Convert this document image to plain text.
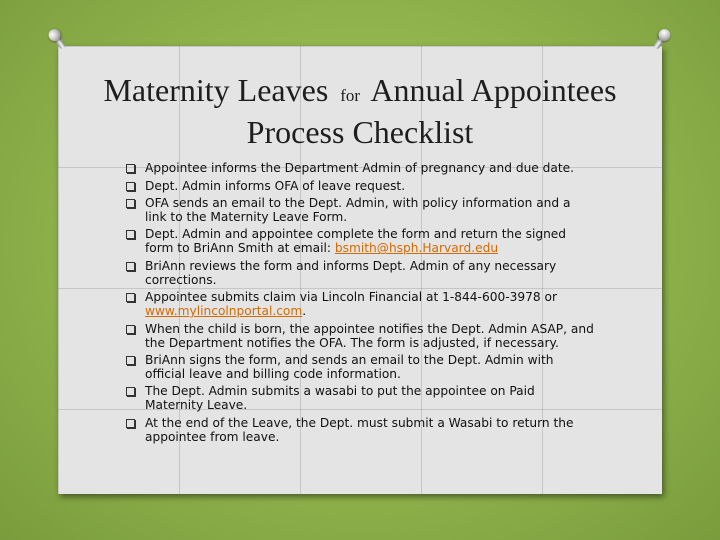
Maternity Leaves for Annual Appointees
Process Checklist
Appointee informs the Department Admin of pregnancy and due date.
Dept. Admin informs OFA of leave request.
OFA sends an email to the Dept. Admin, with policy information and a link to the Maternity Leave Form.
Dept. Admin and appointee complete the form and return the signed form to BriAnn Smith at email: bsmith@hsph.Harvard.edu
BriAnn reviews the form and informs Dept. Admin of any necessary corrections.
Appointee submits claim via Lincoln Financial at 1-844-600-3978 or www.mylincolnportal.com.
When the child is born, the appointee notifies the Dept. Admin ASAP, and the Department notifies the OFA. The form is adjusted, if necessary.
BriAnn signs the form, and sends an email to the Dept. Admin with official leave and billing code information.
The Dept. Admin submits a wasabi to put the appointee on Paid Maternity Leave.
At the end of the Leave, the Dept. must submit a Wasabi to return the appointee from leave.
